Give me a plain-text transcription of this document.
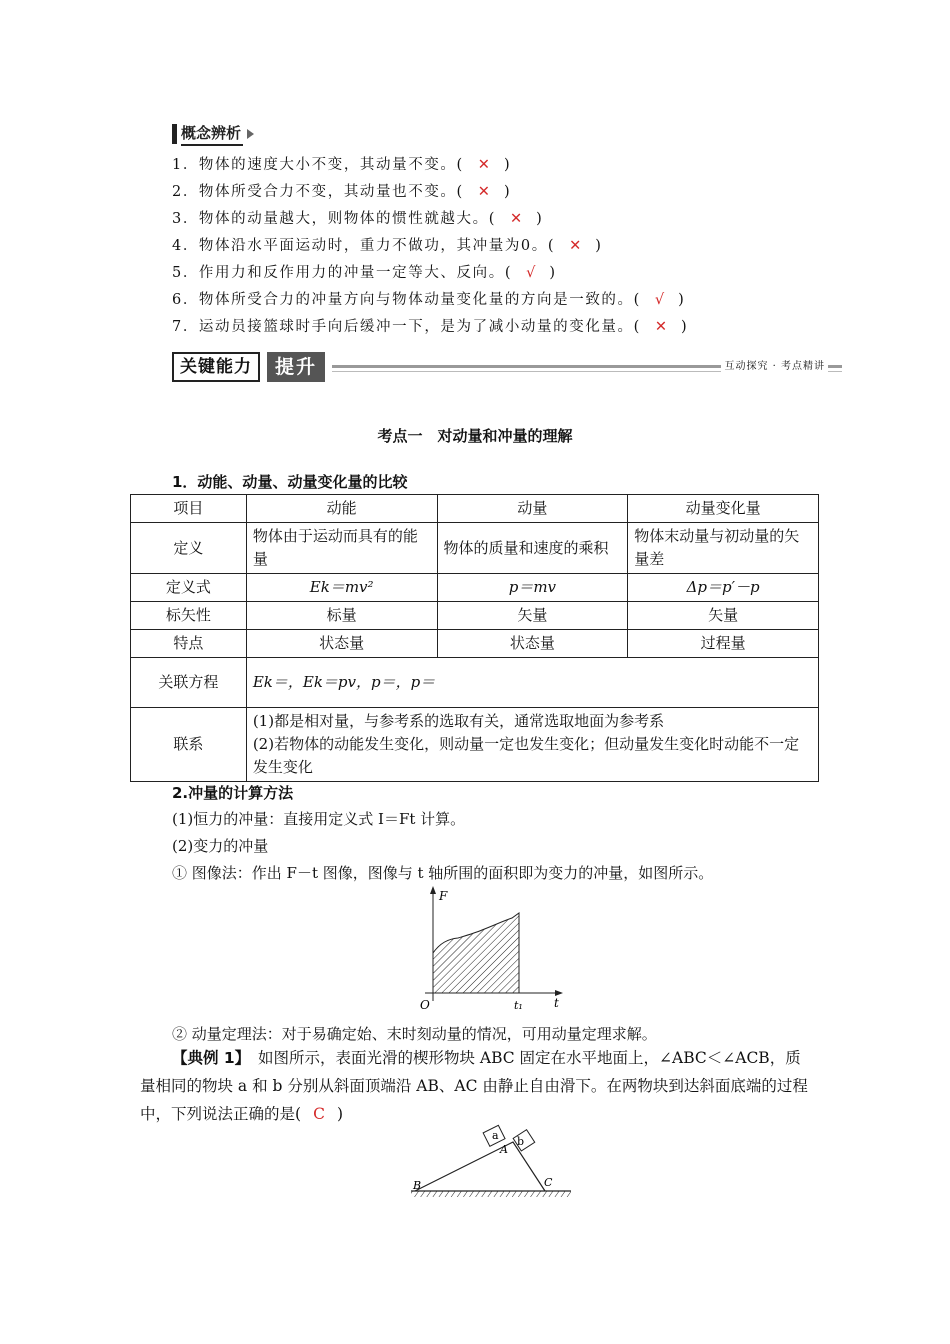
概念辨析
1．物体的速度大小不变，其动量不变。( ✕ )
2．物体所受合力不变，其动量也不变。( ✕ )
3．物体的动量越大，则物体的惯性就越大。( ✕ )
4．物体沿水平面运动时，重力不做功，其冲量为0。( ✕ )
5．作用力和反作用力的冲量一定等大、反向。( √ )
6．物体所受合力的冲量方向与物体动量变化量的方向是一致的。( √ )
7．运动员接篮球时手向后缓冲一下，是为了减小动量的变化量。( ✕ )
关键能力	提升	互动探究 · 考点精讲
考点一　对动量和冲量的理解
1．动能、动量、动量变化量的比较
项目	动能	动量	动量变化量
定义	物体由于运动而具有的能量	物体的质量和速度的乘积	物体末动量与初动量的矢量差
定义式	Ek＝mv²	p＝mv	Δp＝p′－p
标矢性	标量	矢量	矢量
特点	状态量	状态量	过程量
关联方程	Ek＝，Ek＝pv，p＝，p＝		
联系	(1)都是相对量，与参考系的选取有关，通常选取地面为参考系
(2)若物体的动能发生变化，则动量一定也发生变化；但动量发生变化时动能不一定发生变化		
2.冲量的计算方法
(1)恒力的冲量：直接用定义式 I＝Ft 计算。
(2)变力的冲量
① 图像法：作出 F－t 图像，图像与 t 轴所围的面积即为变力的冲量，如图所示。
F
t
O	t₁
② 动量定理法：对于易确定始、末时刻动量的情况，可用动量定理求解。
【典例 1】　 如图所示，表面光滑的楔形物块 ABC 固定在水平地面上，∠ABC＜∠ACB，质量相同的物块 a 和 b 分别从斜面顶端沿 AB、AC 由静止自由滑下。在两物块到达斜面底端的过程中，下列说法正确的是( C )
a b
A
B	C
